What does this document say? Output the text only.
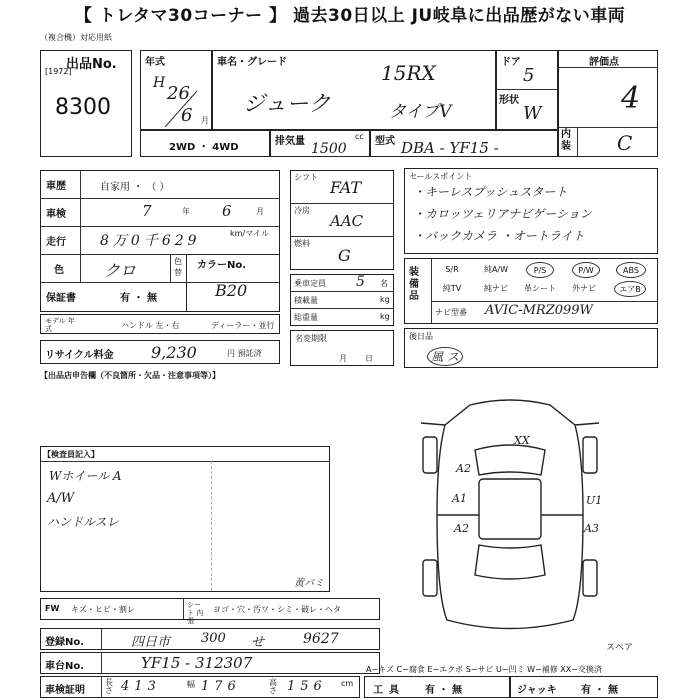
【 トレタマ30コーナー 】 過去30日以上 JU岐阜に出品歴がない車両
（複合機）対応用紙
出品No.
[1972]
8300
年式
H 26
6 月
車名・グレード	15RX
ジューク	タイプV
ドア
5
形状
W
評価点
4
内装 C
2WD ・ 4WD
排気量	cc
1500	型式 DBA - YF15 -
車歴	自家用 ・ （ ）
車検	7	年 6	月
走行 8万0千629	km/マイル
色	クロ	色替
保証書	有 ・ 無
カラーNo.
B20
モデル 年式	ハンドル 左・右	ディーラー・並行
リサイクル料金 9,230	円 預託済
【出品店申告欄（不良箇所・欠品・注意事項等）】
シフト
FAT
冷房
AAC
燃料
G
乗車定員 5 名
積載量	kg
総重量	kg
名変期限
月日
セールスポイント
・キーレスプッシュスタート
・カロッツェリアナビゲーション
・バックカメラ ・オートライト
装備品
ナビ型番 AVIC-MRZ099W
S/R	純A/W	P/S	P/W	ABS
純TV	純ナビ	革シート	外ナビ	エアB
後日品
風 ス
【検査員記入】
Wホイール A
A/W
ハンドルスレ
XX
A2
A1
A2
U1
A3
黄バミ
FW キズ・ヒビ・割レ	シート 内張
ヨゴ・穴・汚ワ・シミ・破レ・ヘタ
登録No.	四日市 300 せ	9627
車台No.	YF15 - 312307
車検証明
長さ 413	幅 176	高さ 156 cm
スペア
A−キズ C−腐食 E−エクボ S−サビ U−凹ミ W−補修 XX−交換済
工具 有 ・ 無	ジャッキ 有 ・ 無
